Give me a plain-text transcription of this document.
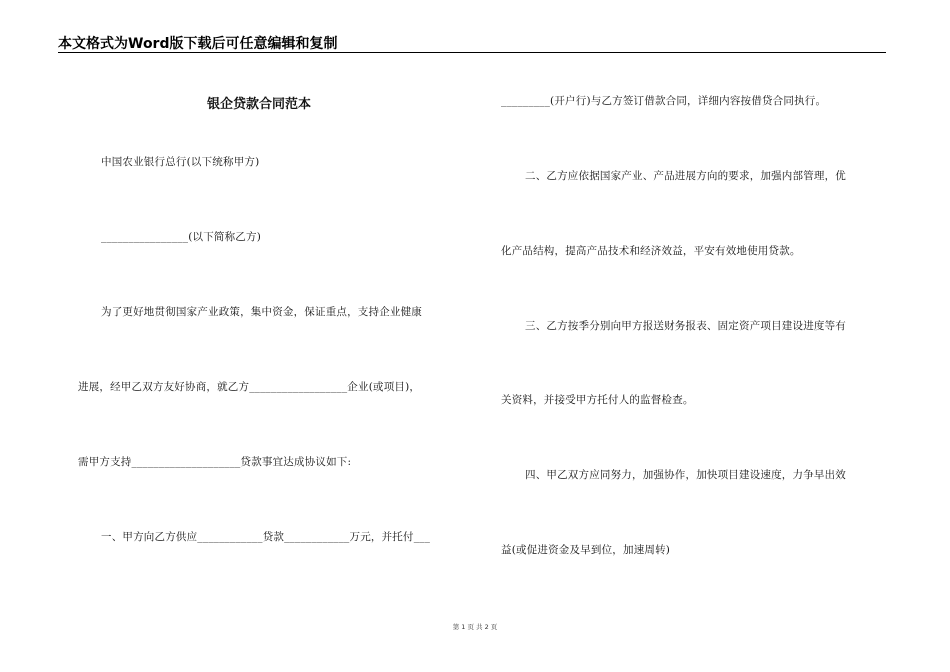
本文格式为Word版下载后可任意编辑和复制
银企贷款合同范本
中国农业银行总行(以下统称甲方)
________________(以下简称乙方)
为了更好地贯彻国家产业政策，集中资金，保证重点，支持企业健康
进展，经甲乙双方友好协商，就乙方__________________企业(或项目)，
需甲方支持____________________贷款事宜达成协议如下:
一、甲方向乙方供应____________贷款____________万元，并托付___
_________(开户行)与乙方签订借款合同，详细内容按借贷合同执行。
二、乙方应依据国家产业、产品进展方向的要求，加强内部管理，优
化产品结构，提高产品技术和经济效益，平安有效地使用贷款。
三、乙方按季分别向甲方报送财务报表、固定资产项目建设进度等有
关资料，并接受甲方托付人的监督检查。
四、甲乙双方应同努力，加强协作，加快项目建设速度，力争早出效
益(或促进资金及早到位，加速周转)
第 1 页 共 2 页
